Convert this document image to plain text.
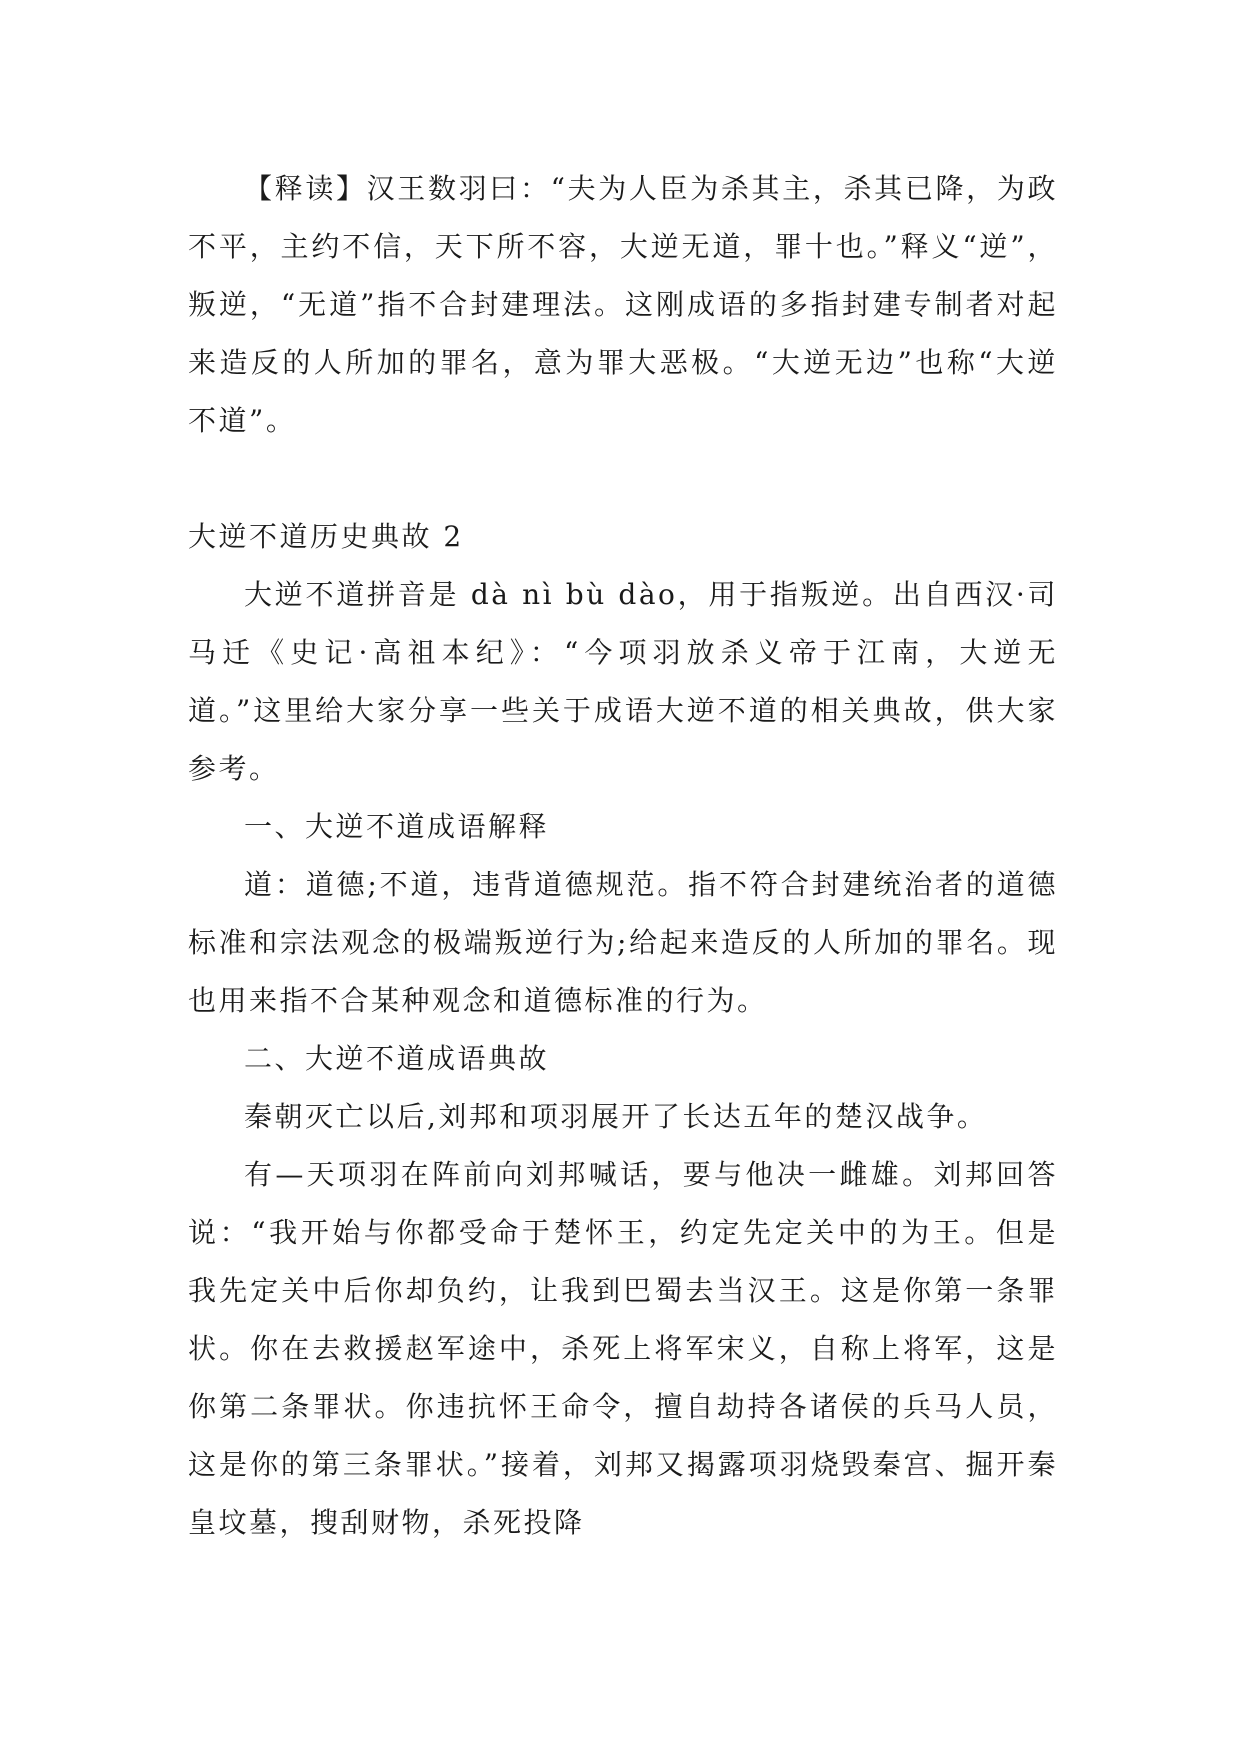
【释读】汉王数羽曰：“夫为人臣为杀其主，杀其已降，为政不平，主约不信，天下所不容，大逆无道，罪十也。”释义“逆”，叛逆，“无道”指不合封建理法。这刚成语的多指封建专制者对起来造反的人所加的罪名，意为罪大恶极。“大逆无边”也称“大逆不道”。

大逆不道历史典故 2

大逆不道拼音是 dà nì bù dào，用于指叛逆。出自西汉·司马迁《史记·高祖本纪》：“今项羽放杀义帝于江南，大逆无道。”这里给大家分享一些关于成语大逆不道的相关典故，供大家参考。

一、大逆不道成语解释

道：道德;不道，违背道德规范。指不符合封建统治者的道德标准和宗法观念的极端叛逆行为;给起来造反的人所加的罪名。现也用来指不合某种观念和道德标准的行为。

二、大逆不道成语典故

秦朝灭亡以后,刘邦和项羽展开了长达五年的楚汉战争。

有—天项羽在阵前向刘邦喊话，要与他决一雌雄。刘邦回答说：“我开始与你都受命于楚怀王，约定先定关中的为王。但是我先定关中后你却负约，让我到巴蜀去当汉王。这是你第一条罪状。你在去救援赵军途中，杀死上将军宋义，自称上将军，这是你第二条罪状。你违抗怀王命令，擅自劫持各诸侯的兵马人员，这是你的第三条罪状。”接着，刘邦又揭露项羽烧毁秦宫、掘开秦皇坟墓，搜刮财物，杀死投降
